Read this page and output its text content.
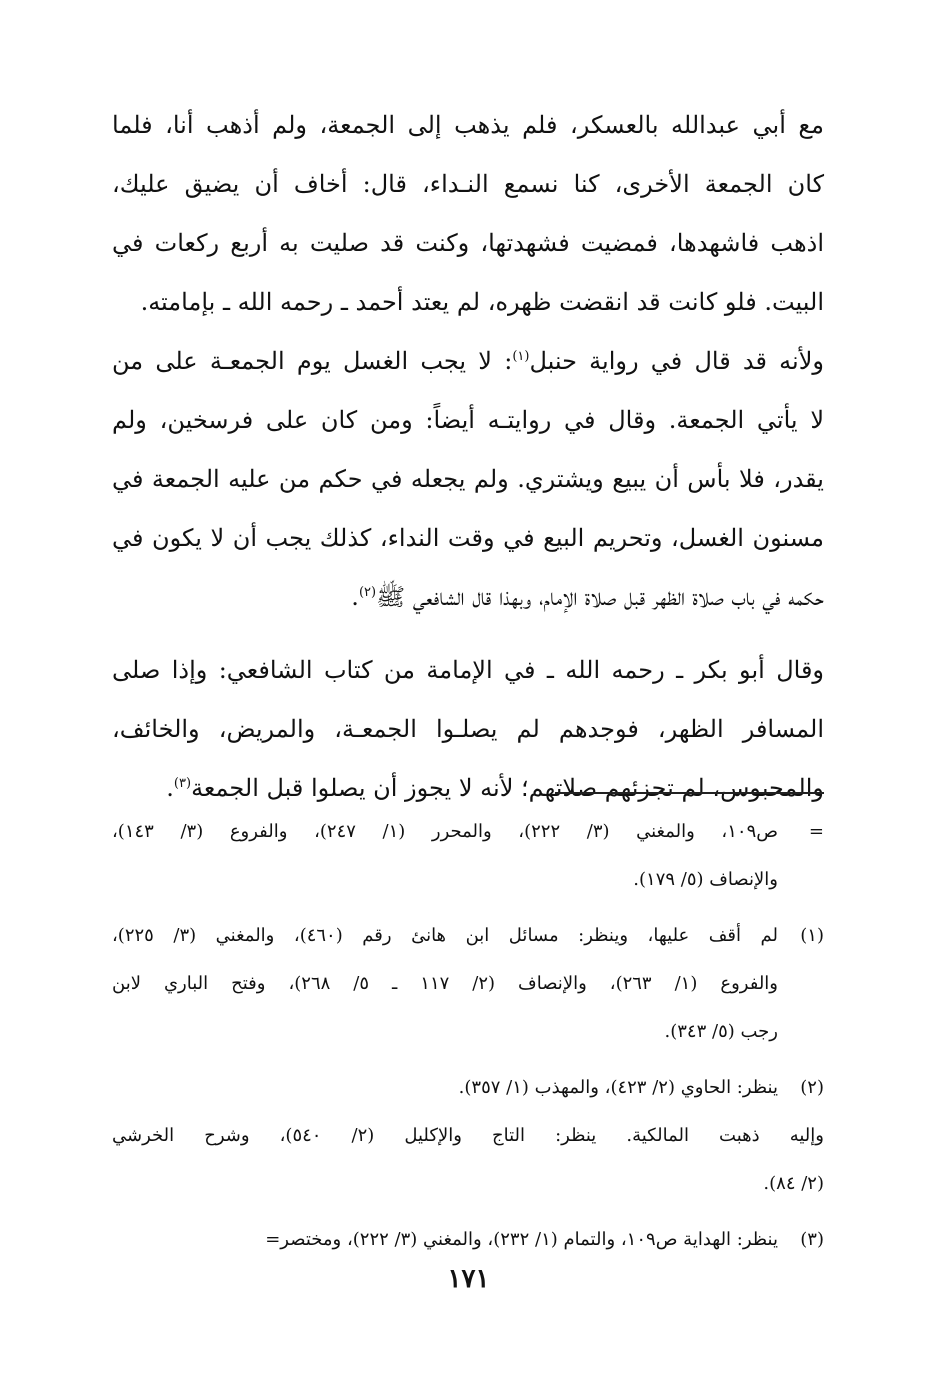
مع أبي عبدالله بالعسكر، فلم يذهب إلى الجمعة، ولم أذهب أنا، فلما
كان الجمعة الأخرى، كنا نسمع النـداء، قال: أخاف أن يضيق عليك،
اذهب فاشهدها، فمضيت فشهدتها، وكنت قد صليت به أربع ركعات في
البيت. فلو كانت قد انقضت ظهره، لم يعتد أحمد ـ رحمه الله ـ بإمامته.
ولأنه قد قال في رواية حنبل$^{(١)}$: لا يجب الغسل يوم الجمعـة على من
لا يأتي الجمعة. وقال في روايتـه أيضاً: ومن كان على فرسخين، ولم
يقدر، فلا بأس أن يبيع ويشتري. ولم يجعله في حكم من عليه الجمعة في
مسنون الغسل، وتحريم البيع في وقت النداء، كذلك يجب أن لا يكون في
حكمه في باب صلاة الظهر قبل صلاة الإمام، وبهذا قال الشافعي ﷺ$^{(٢)}$.
وقال أبو بكر ـ رحمه الله ـ في الإمامة من كتاب الشافعي: وإذا صلى
المسافر الظهر، فوجدهم لم يصلـوا الجمعـة، والمريض، والخائف،
والمحبوس، لم تجزئهم صلاتهم؛ لأنه لا يجوز أن يصلوا قبل الجمعة$^{(٣)}$.
=
ص١٠٩، والمغني (٣/ ٢٢٢)، والمحرر (١/ ٢٤٧)، والفروع (٣/ ١٤٣)،
والإنصاف (٥/ ١٧٩).
(١)
لم أقف عليها، وينظر: مسائل ابن هانئ رقم (٤٦٠)، والمغني (٣/ ٢٢٥)،
والفروع (١/ ٢٦٣)، والإنصاف (٢/ ١١٧ ـ ٥/ ٢٦٨)، وفتح الباري لابن
رجب (٥/ ٣٤٣).
(٢)
ينظر: الحاوي (٢/ ٤٢٣)، والمهذب (١/ ٣٥٧).
وإليه ذهبت المالكية. ينظر: التاج والإكليل (٢/ ٥٤٠)، وشرح الخرشي
(٢/ ٨٤).
(٣)
ينظر: الهداية ص١٠٩، والتمام (١/ ٢٣٢)، والمغني (٣/ ٢٢٢)، ومختصر=
١٧١
